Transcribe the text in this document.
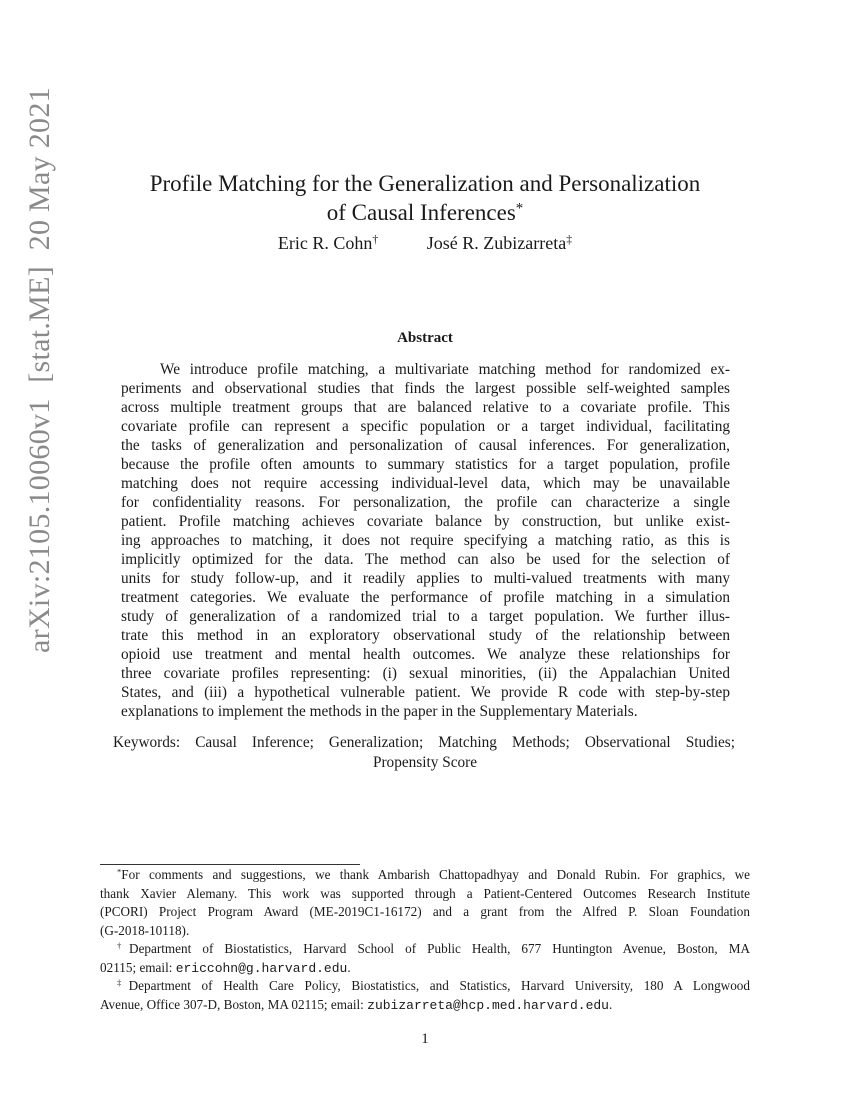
arXiv:2105.10060v1  [stat.ME]  20 May 2021	Profile Matching for the Generalization and Personalization
of Causal Inferences*
Eric R. Cohn†	José R. Zubizarreta‡
Abstract
We introduce profile matching, a multivariate matching method for randomized ex-
periments and observational studies that finds the largest possible self-weighted samples
across multiple treatment groups that are balanced relative to a covariate profile. This
covariate profile can represent a specific population or a target individual, facilitating
the tasks of generalization and personalization of causal inferences. For generalization,
because the profile often amounts to summary statistics for a target population, profile
matching does not require accessing individual-level data, which may be unavailable
for confidentiality reasons. For personalization, the profile can characterize a single
patient. Profile matching achieves covariate balance by construction, but unlike exist-
ing approaches to matching, it does not require specifying a matching ratio, as this is
implicitly optimized for the data. The method can also be used for the selection of
units for study follow-up, and it readily applies to multi-valued treatments with many
treatment categories. We evaluate the performance of profile matching in a simulation
study of generalization of a randomized trial to a target population. We further illus-
trate this method in an exploratory observational study of the relationship between
opioid use treatment and mental health outcomes. We analyze these relationships for
three covariate profiles representing: (i) sexual minorities, (ii) the Appalachian United
States, and (iii) a hypothetical vulnerable patient. We provide R code with step-by-step
explanations to implement the methods in the paper in the Supplementary Materials.
Keywords: Causal Inference; Generalization; Matching Methods; Observational Studies;
Propensity Score
*For comments and suggestions, we thank Ambarish Chattopadhyay and Donald Rubin. For graphics, we
thank Xavier Alemany. This work was supported through a Patient-Centered Outcomes Research Institute
(PCORI) Project Program Award (ME-2019C1-16172) and a grant from the Alfred P. Sloan Foundation
(G-2018-10118).
†Department of Biostatistics, Harvard School of Public Health, 677 Huntington Avenue, Boston, MA
02115; email: ericcohn@g.harvard.edu.
‡Department of Health Care Policy, Biostatistics, and Statistics, Harvard University, 180 A Longwood
Avenue, Office 307-D, Boston, MA 02115; email: zubizarreta@hcp.med.harvard.edu.
1
